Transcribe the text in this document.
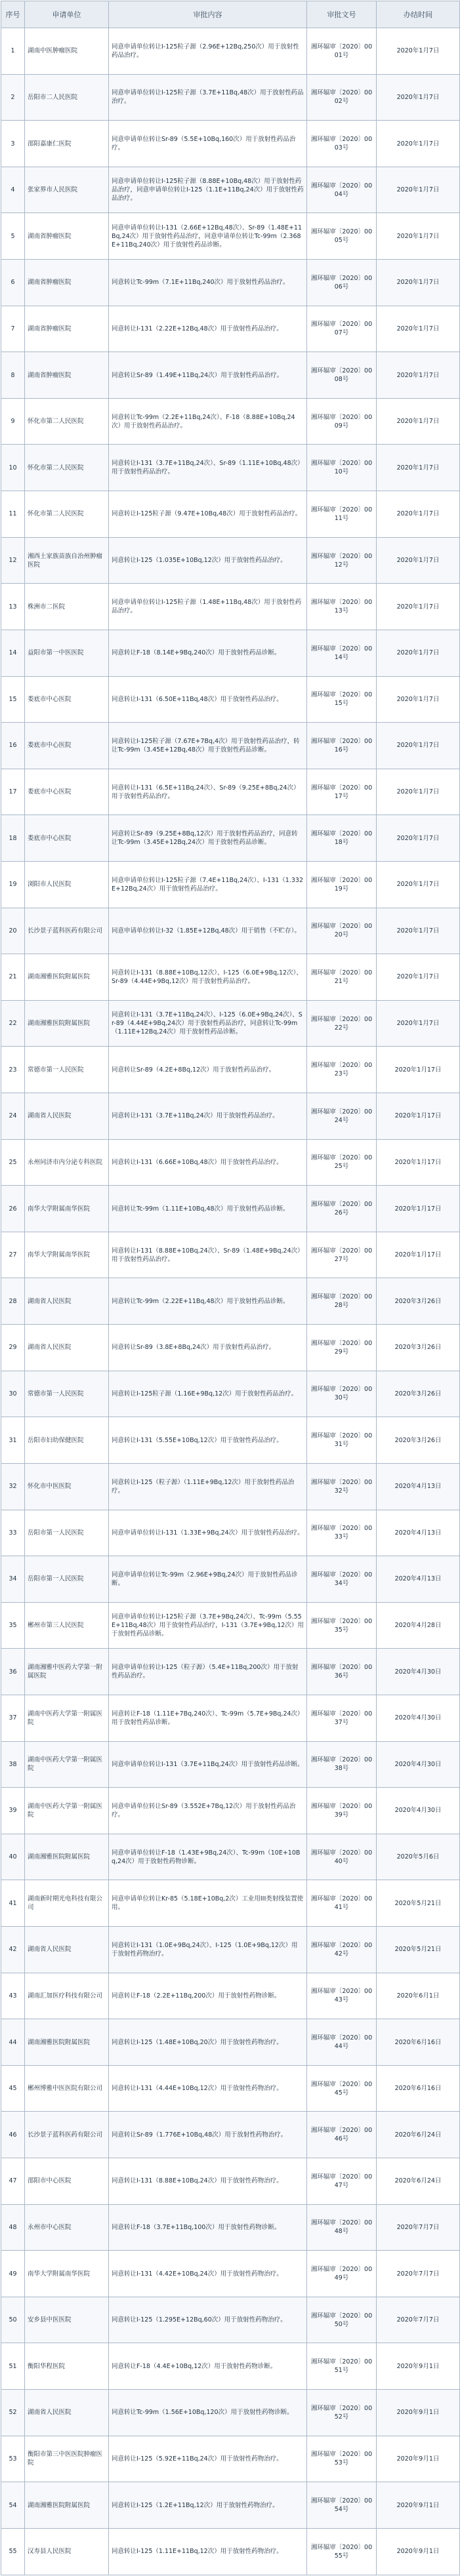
序号	申请单位	审批内容	审批文号	办结时间
1	湖南中医肿瘤医院	同意申请单位转让I-125粒子源（2.96E+12Bq,250次）用于放射性药品治疗。	湘环辐审〔2020〕0001号	2020年1月7日
2	岳阳市二人民医院	同意申请单位转让I-125粒子源（3.7E+11Bq,48次）用于放射性药品治疗。	湘环辐审〔2020〕0002号	2020年1月7日
3	邵阳嘉康仁医院	同意申请单位转让Sr-89（5.5E+10Bq,160次）用于放射性药品治疗。	湘环辐审〔2020〕0003号	2020年1月7日
4	张家界市人民医院	同意申请单位转让I-125粒子源（8.88E+10Bq,48次）用于放射性药品治疗，同意申请单位转让I-125（1.1E+11Bq,24次）用于放射性药品治疗。	湘环辐审〔2020〕0004号	2020年1月7日
5	湖南省肿瘤医院	同意申请单位转让I-131（2.66E+12Bq,48次）、Sr-89（1.48E+11Bq,24次）用于放射性药品治疗，同意申请单位转让Tc-99m（2.368E+11Bq,240次）用于放射性药品诊断。	湘环辐审〔2020〕0005号	2020年1月7日
6	湖南省肿瘤医院	同意转让Tc-99m（7.1E+11Bq,240次）用于放射性药品治疗。	湘环辐审〔2020〕0006号	2020年1月7日
7	湖南省肿瘤医院	同意转让I-131（2.22E+12Bq,48次）用于放射性药品治疗。	湘环辐审〔2020〕0007号	2020年1月7日
8	湖南省肿瘤医院	同意转让Sr-89（1.49E+11Bq,24次）用于放射性药品治疗。	湘环辐审〔2020〕0008号	2020年1月7日
9	怀化市第二人民医院	同意转让Tc-99m（2.2E+11Bq,24次）、F-18（8.88E+10Bq,24次）用于放射性药品治疗。	湘环辐审〔2020〕0009号	2020年1月7日
10	怀化市第二人民医院	同意转让I-131（3.7E+11Bq,24次）、Sr-89（1.11E+10Bq,48次）用于放射性药品治疗。	湘环辐审〔2020〕0010号	2020年1月7日
11	怀化市第二人民医院	同意转让I-125粒子源（9.47E+10Bq,48次）用于放射性药品治疗。	湘环辐审〔2020〕0011号	2020年1月7日
12	湘西土家族苗族自治州肿瘤医院	同意转让I-125（1.035E+10Bq,12次）用于放射性药品治疗。	湘环辐审〔2020〕0012号	2020年1月7日
13	株洲市二医院	同意申请单位转让I-125粒子源（1.48E+11Bq,48次）用于放射性药品治疗。	湘环辐审〔2020〕0013号	2020年1月7日
14	益阳市第一中医医院	同意转让F-18（8.14E+9Bq,240次）用于放射性药品诊断。	湘环辐审〔2020〕0014号	2020年1月7日
15	娄底市中心医院	同意转让I-131（6.50E+11Bq,48次）用于放射性药品治疗。	湘环辐审〔2020〕0015号	2020年1月7日
16	娄底市中心医院	同意转让I-125粒子源（7.67E+7Bq,4次）用于放射性药品治疗，转让Tc-99m（3.45E+12Bq,48次）用于放射性药品诊断。	湘环辐审〔2020〕0016号	2020年1月7日
17	娄底市中心医院	同意转让I-131（6.5E+11Bq,24次）、Sr-89（9.25E+8Bq,24次）用于放射性药品治疗。	湘环辐审〔2020〕0017号	2020年1月7日
18	娄底市中心医院	同意转让Sr-89（9.25E+8Bq,12次）用于放射性药品治疗，同意转让Tc-99m（3.45E+12Bq,24次）用于放射性药品诊断。	湘环辐审〔2020〕0018号	2020年1月7日
19	浏阳市人民医院	同意申请单位转让I-125粒子源（7.4E+11Bq,24次）、I-131（1.332E+12Bq,24次）用于放射性药品治疗。	湘环辐审〔2020〕0019号	2020年1月7日
20	长沙景子蓝科医药有限公司	同意申请单位转让I-32（1.85E+12Bq,48次）用于销售（不贮存）。	湘环辐审〔2020〕0020号	2020年1月7日
21	湖南湘雅医院附属医院	同意转让I-131（8.88E+10Bq,12次）、I-125（6.0E+9Bq,12次）、Sr-89（4.44E+9Bq,12次）用于放射性药品治疗。	湘环辐审〔2020〕0021号	2020年1月7日
22	湖南湘雅医院附属医院	同意转让I-131（3.7E+11Bq,24次）、I-125（6.0E+9Bq,24次）、Sr-89（4.44E+9Bq,24次）用于放射性药品治疗，同意转让Tc-99m（1.11E+12Bq,24次）用于放射性药品诊断。	湘环辐审〔2020〕0022号	2020年1月7日
23	常德市第一人民医院	同意转让Sr-89（4.2E+8Bq,12次）用于放射性药品治疗。	湘环辐审〔2020〕0023号	2020年1月17日
24	湖南省人民医院	同意转让I-131（3.7E+11Bq,24次）用于放射性药品治疗。	湘环辐审〔2020〕0024号	2020年1月17日
25	永州同济市内分泌专科医院	同意转让I-131（6.66E+10Bq,48次）用于放射性药品治疗。	湘环辐审〔2020〕0025号	2020年1月17日
26	南华大学附属南华医院	同意转让Tc-99m（1.11E+10Bq,48次）用于放射性药品诊断。	湘环辐审〔2020〕0026号	2020年1月17日
27	南华大学附属南华医院	同意转让I-131（8.88E+10Bq,24次）、Sr-89（1.48E+9Bq,24次）用于放射性药品治疗。	湘环辐审〔2020〕0027号	2020年1月17日
28	湖南省人民医院	同意转让Tc-99m（2.22E+11Bq,48次）用于放射性药品诊断。	湘环辐审〔2020〕0028号	2020年3月26日
29	湖南省人民医院	同意转让Sr-89（3.8E+8Bq,24次）用于放射性药品治疗。	湘环辐审〔2020〕0029号	2020年3月26日
30	常德市第一人民医院	同意转让I-125粒子源（1.16E+9Bq,12次）用于放射性药品治疗。	湘环辐审〔2020〕0030号	2020年3月26日
31	岳阳市妇幼保健医院	同意转让I-131（5.55E+10Bq,12次）用于放射性药品治疗。	湘环辐审〔2020〕0031号	2020年3月26日
32	怀化市中医医院	同意转让I-125（粒子源）（1.11E+9Bq,12次）用于放射性药品治疗。	湘环辐审〔2020〕0032号	2020年4月13日
33	岳阳市第一人民医院	同意申请单位转让I-131（1.33E+9Bq,24次）用于放射性药品治疗。	湘环辐审〔2020〕0033号	2020年4月13日
34	岳阳市第一人民医院	同意申请单位转让Tc-99m（2.96E+9Bq,24次）用于放射性药品诊断。	湘环辐审〔2020〕0034号	2020年4月13日
35	郴州市第三人民医院	同意申请单位转让I-125粒子源（3.7E+9Bq,24次）、Tc-99m（5.55E+11Bq,48次）用于放射性药品治疗，I-131（3.7E+9Bq,12次）用于放射性药品诊断。	湘环辐审〔2020〕0035号	2020年4月28日
36	湖南湘雅中医药大学第一附属医院	同意申请单位转让I-125（粒子源）（5.4E+11Bq,200次）用于放射性药品治疗。	湘环辐审〔2020〕0036号	2020年4月30日
37	湖南中医药大学第一附属医院	同意转让F-18（1.11E+7Bq,240次）、Tc-99m（5.7E+9Bq,24次）用于放射性药品诊断。	湘环辐审〔2020〕0037号	2020年4月30日
38	湖南中医药大学第一附属医院	同意申请单位转让I-131（3.7E+11Bq,24次）用于放射性药品诊断。	湘环辐审〔2020〕0038号	2020年4月30日
39	湖南中医药大学第一附属医院	同意申请单位转让Sr-89（3.552E+7Bq,12次）用于放射性药品治疗。	湘环辐审〔2020〕0039号	2020年4月30日
40	湖南湘雅医院附属医院	同意申请单位转让F-18（1.43E+9Bq,24次）、Tc-99m（10E+10Bq,24次）用于放射性药物诊断。	湘环辐审〔2020〕0040号	2020年5月6日
41	湖南新时期光电科技有限公司	同意申请单位转让Kr-85（5.18E+10Bq,2次）工业用III类射线装置使用。	湘环辐审〔2020〕0041号	2020年5月21日
42	湖南省人民医院	同意转让I-131（1.0E+9Bq,24次）、I-125（1.0E+9Bq,12次）用于放射性药物治疗。	湘环辐审〔2020〕0042号	2020年5月21日
43	湖南汇加医疗科技有限公司	同意转让F-18（2.2E+11Bq,200次）用于放射性药物诊断。	湘环辐审〔2020〕0043号	2020年6月1日
44	湖南湘雅医院附属医院	同意转让I-125（1.48E+10Bq,20次）用于放射性药物治疗。	湘环辐审〔2020〕0044号	2020年6月16日
45	郴州博雅中医医院有限公司	同意转让I-131（4.44E+10Bq,12次）用于放射性药物治疗。	湘环辐审〔2020〕0045号	2020年6月16日
46	长沙景子蓝科医药有限公司	同意转让Sr-89（1.776E+10Bq,48次）用于放射性药物治疗。	湘环辐审〔2020〕0046号	2020年6月24日
47	邵阳市中心医院	同意转让I-131（8.88E+10Bq,24次）用于放射性药物治疗。	湘环辐审〔2020〕0047号	2020年6月24日
48	永州市中心医院	同意转让F-18（3.7E+11Bq,100次）用于放射性药物诊断。	湘环辐审〔2020〕0048号	2020年7月7日
49	南华大学附属南华医院	同意转让I-131（4.42E+10Bq,24次）用于放射性药物治疗。	湘环辐审〔2020〕0049号	2020年7月7日
50	安乡县中医医院	同意转让I-125（1.295E+12Bq,60次）用于放射性药物治疗。	湘环辐审〔2020〕0050号	2020年7月7日
51	衡阳华程医院	同意转让F-18（4.4E+10Bq,12次）用于放射性药物诊断。	湘环辐审〔2020〕0051号	2020年9月1日
52	湖南省人民医院	同意转让Tc-99m（1.56E+10Bq,120次）用于放射性药物诊断。	湘环辐审〔2020〕0052号	2020年9月1日
53	衡阳市第三中医医院肿瘤医院	同意转让I-125（5.92E+11Bq,24次）用于放射性药物治疗。	湘环辐审〔2020〕0053号	2020年9月1日
54	湖南湘雅医院附属医院	同意转让I-125（1.2E+11Bq,12次）用于放射性药物治疗。	湘环辐审〔2020〕0054号	2020年9月1日
55	汉寿县人民医院	同意转让I-125（1.11E+11Bq,12次）用于放射性药物治疗。	湘环辐审〔2020〕0055号	2020年9月1日
